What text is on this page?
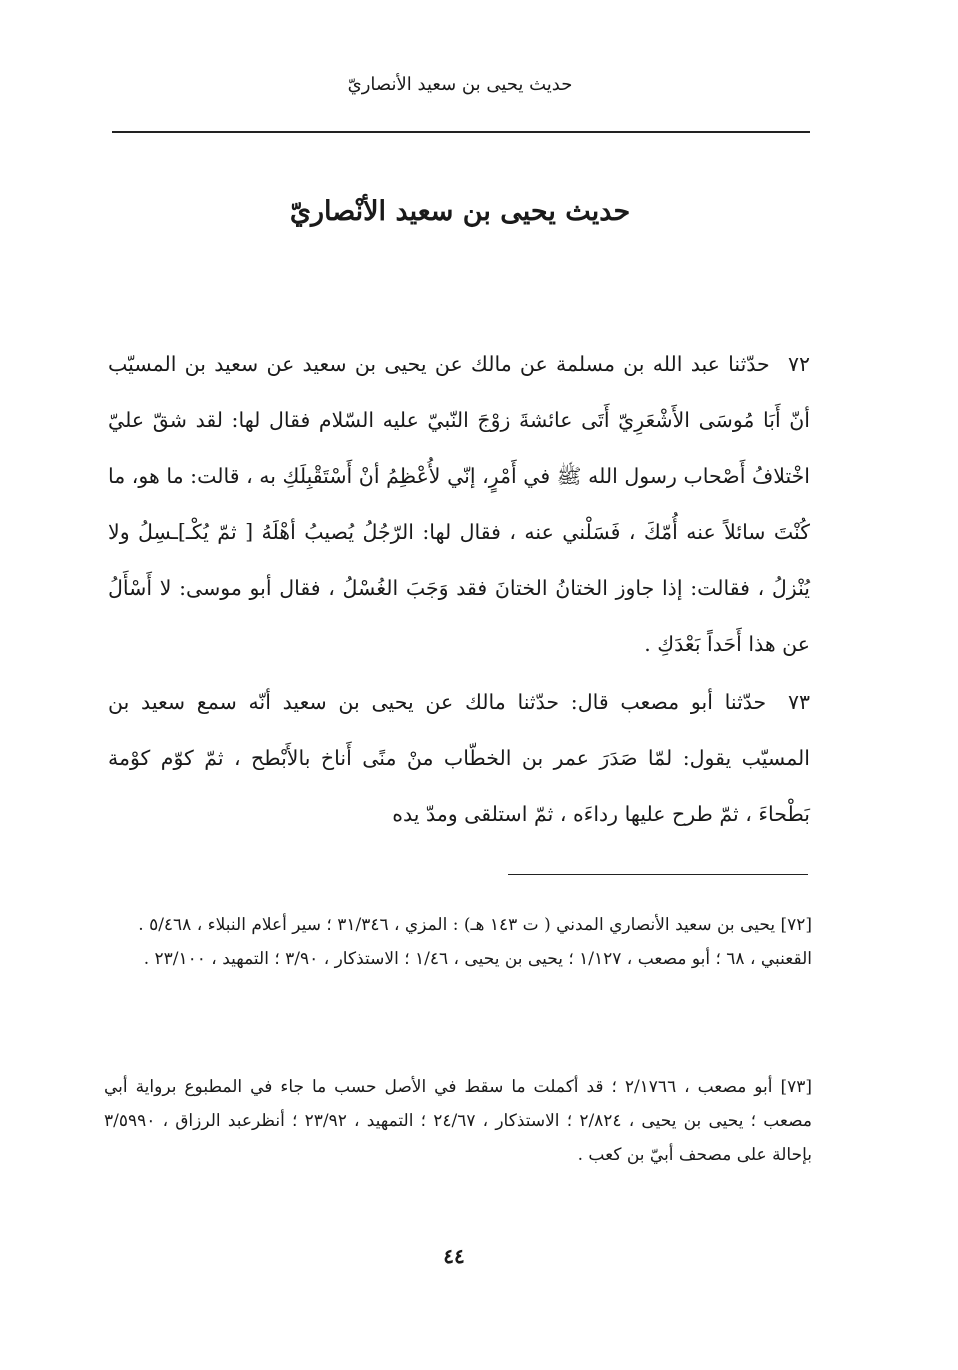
حديث يحيى بن سعيد الأنصاريّ
حديث يحيى بن سعيد الأنْصاريّ

٧٢ حدّثنا عبد الله بن مسلمة عن مالك عن يحيى بن سعيد عن سعيد بن المسيّب أنّ أَبَا مُوسَى الأَشْعَرِيّ أَتَى عائشةَ زوْجَ النّبيّ عليه السّلام فقال لها: لقد شقّ عليّ اخْتلافُ أَصْحاب رسول الله ﷺ في أَمْرٍ، إنّي لأُعْظِمُ أنْ أَسْتَقْبِلَكِ به ، قالت: ما هو، ما كُنْتَ سائلاً عنه أُمّكَ ، فَسَلْني عنه ، فقال لها: الرّجُلُ يُصيبُ أهْلَهُ [ ثمّ يُكْـ]ـسِلُ ولا يُنْزلُ ، فقالت: إذا جاوز الختانُ الختانَ فقد وَجَبَ الغُسْلُ ، فقال أبو موسى: لا أَسْأَلُ عن هذا أَحَداً بَعْدَكِ .

٧٣ حدّثنا أبو مصعب قال: حدّثنا مالك عن يحيى بن سعيد أنّه سمع سعيد بن المسيّب يقول: لمّا صَدَرَ عمر بن الخطّاب منْ منًى أَناخ بالأَبْطح ، ثمّ كوّم كوْمة بَطْحاءَ ، ثمّ طرح عليها رداءَه ، ثمّ استلقى ومدّ يده

[٧٢] يحيى بن سعيد الأنصاري المدني ( ت ١٤٣ هـ) : المزي ، ٣١/٣٤٦ ؛ سير أعلام النبلاء ، ٥/٤٦٨ .

القعنبي ، ٦٨ ؛ أبو مصعب ، ١/١٢٧ ؛ يحيى بن يحيى ، ١/٤٦ ؛ الاستذكار ، ٣/٩٠ ؛ التمهيد ، ٢٣/١٠٠ .

[٧٣] أبو مصعب ، ٢/١٧٦٦ ؛ قد أكملت ما سقط في الأصل حسب ما جاء في المطبوع برواية أبي مصعب ؛ يحيى بن يحيى ، ٢/٨٢٤ ؛ الاستذكار ، ٢٤/٦٧ ؛ التمهيد ، ٢٣/٩٢ ؛ أنظرعبد الرزاق ، ٣/٥٩٩٠ بإحالة على مصحف أبيّ بن كعب .

٤٤
